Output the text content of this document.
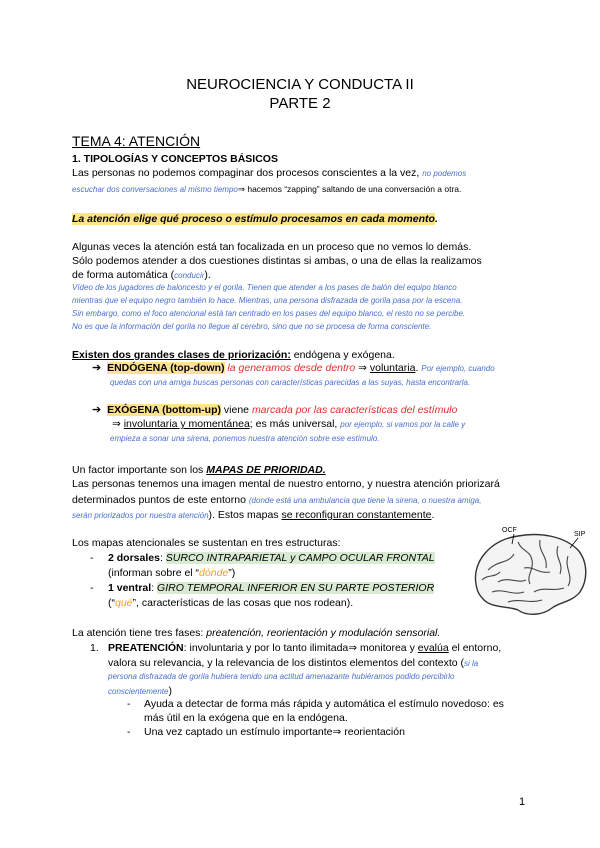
NEUROCIENCIA Y CONDUCTA II
PARTE 2
TEMA 4: ATENCIÓN
1. TIPOLOGÍAS Y CONCEPTOS BÁSICOS
Las personas no podemos compaginar dos procesos conscientes a la vez, no podemos
escuchar dos conversaciones al mismo tiempo⇒ hacemos “zapping” saltando de una conversación a otra.
La atención elige qué proceso o estímulo procesamos en cada momento.
Algunas veces la atención está tan focalizada en un proceso que no vemos lo demás.
Sólo podemos atender a dos cuestiones distintas si ambas, o una de ellas la realizamos
de forma automática (conducir).
Vídeo de los jugadores de baloncesto y el gorila. Tienen que atender a los pases de balón del equipo blanco
mientras que el equipo negro también lo hace. Mientras, una persona disfrazada de gorila pasa por la escena.
Sin embargo, como el foco atencional está tan centrado en los pases del equipo blanco, el resto no se percibe.
No es que la información del gorila no llegue al cerebro, sino que no se procesa de forma consciente.
Existen dos grandes clases de priorización: endógena y exógena.
➔ ENDÓGENA (top-down) la generamos desde dentro ⇒ voluntaria. Por ejemplo, cuando
quedas con una amiga buscas personas con características parecidas a las suyas, hasta encontrarla.
➔ EXÓGENA (bottom-up) viene marcada por las características del estímulo
⇒ involuntaria y momentánea; es más universal, por ejemplo, si vamos por la calle y
empieza a sonar una sirena, ponemos nuestra atención sobre ese estímulo.
Un factor importante son los MAPAS DE PRIORIDAD.
Las personas tenemos una imagen mental de nuestro entorno, y nuestra atención priorizará
determinados puntos de este entorno (donde está una ambulancia que tiene la sirena, o nuestra amiga,
serán priorizados por nuestra atención). Estos mapas se reconfiguran constantemente.
Los mapas atencionales se sustentan en tres estructuras:
- 2 dorsales: SURCO INTRAPARIETAL y CAMPO OCULAR FRONTAL
(informan sobre el “dónde”)
- 1 ventral: GIRO TEMPORAL INFERIOR EN SU PARTE POSTERIOR
(“qué”, características de las cosas que nos rodean).
OCF
SIP
La atención tiene tres fases: preatención, reorientación y modulación sensorial.
1. PREATENCIÓN: involuntaria y por lo tanto ilimitada⇒ monitorea y evalúa el entorno,
valora su relevancia, y la relevancia de los distintos elementos del contexto (si la
persona disfrazada de gorila hubiera tenido una actitud amenazante hubiéramos podido percibirlo
conscientemente)
- Ayuda a detectar de forma más rápida y automática el estímulo novedoso: es
más útil en la exógena que en la endógena.
- Una vez captado un estímulo importante⇒ reorientación
1
